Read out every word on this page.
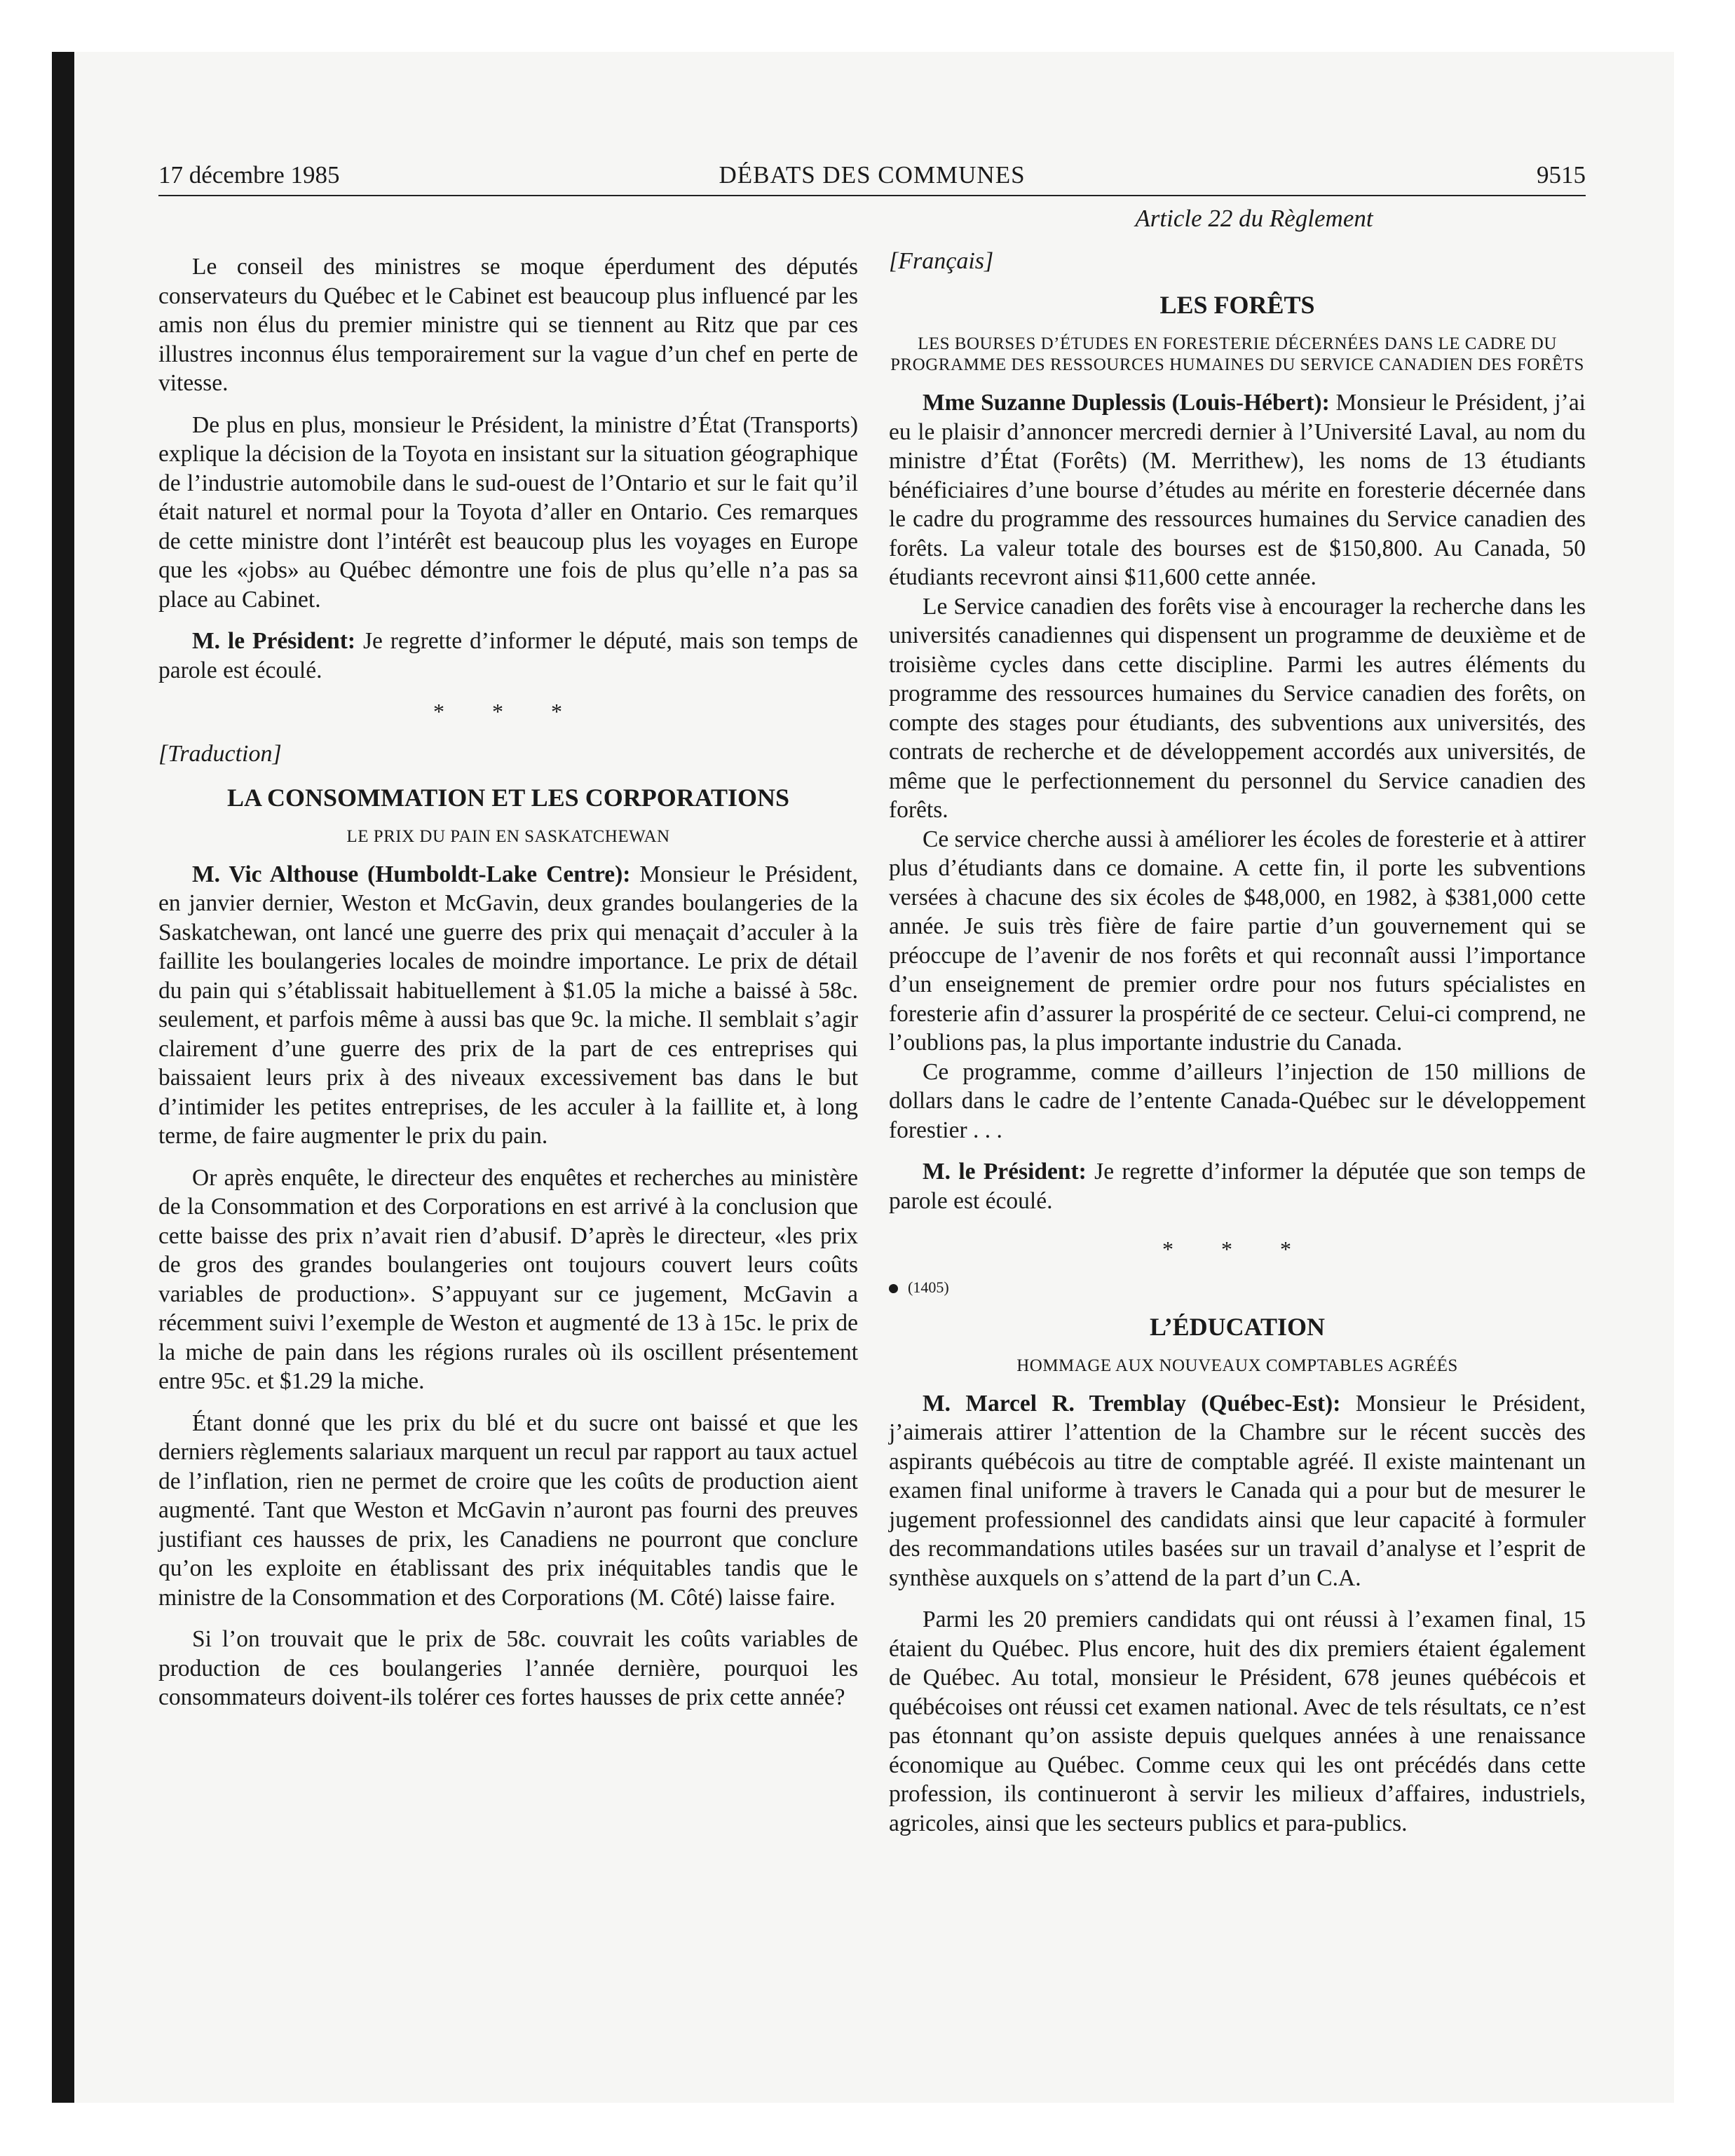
17 décembre 1985	DÉBATS DES COMMUNES	9515

Le conseil des ministres se moque éperdument des députés conservateurs du Québec et le Cabinet est beaucoup plus influencé par les amis non élus du premier ministre qui se tiennent au Ritz que par ces illustres inconnus élus temporairement sur la vague d’un chef en perte de vitesse.

De plus en plus, monsieur le Président, la ministre d’État (Transports) explique la décision de la Toyota en insistant sur la situation géographique de l’industrie automobile dans le sud-ouest de l’Ontario et sur le fait qu’il était naturel et normal pour la Toyota d’aller en Ontario. Ces remarques de cette ministre dont l’intérêt est beaucoup plus les voyages en Europe que les «jobs» au Québec démontre une fois de plus qu’elle n’a pas sa place au Cabinet.

M. le Président: Je regrette d’informer le député, mais son temps de parole est écoulé.

* * *

[Traduction]

LA CONSOMMATION ET LES CORPORATIONS

LE PRIX DU PAIN EN SASKATCHEWAN

M. Vic Althouse (Humboldt-Lake Centre): Monsieur le Président, en janvier dernier, Weston et McGavin, deux grandes boulangeries de la Saskatchewan, ont lancé une guerre des prix qui menaçait d’acculer à la faillite les boulangeries locales de moindre importance. Le prix de détail du pain qui s’établissait habituellement à $1.05 la miche a baissé à 58c. seulement, et parfois même à aussi bas que 9c. la miche. Il semblait s’agir clairement d’une guerre des prix de la part de ces entreprises qui baissaient leurs prix à des niveaux excessivement bas dans le but d’intimider les petites entreprises, de les acculer à la faillite et, à long terme, de faire augmenter le prix du pain.

Or après enquête, le directeur des enquêtes et recherches au ministère de la Consommation et des Corporations en est arrivé à la conclusion que cette baisse des prix n’avait rien d’abusif. D’après le directeur, «les prix de gros des grandes boulangeries ont toujours couvert leurs coûts variables de production». S’appuyant sur ce jugement, McGavin a récemment suivi l’exemple de Weston et augmenté de 13 à 15c. le prix de la miche de pain dans les régions rurales où ils oscillent présentement entre 95c. et $1.29 la miche.

Étant donné que les prix du blé et du sucre ont baissé et que les derniers règlements salariaux marquent un recul par rapport au taux actuel de l’inflation, rien ne permet de croire que les coûts de production aient augmenté. Tant que Weston et McGavin n’auront pas fourni des preuves justifiant ces hausses de prix, les Canadiens ne pourront que conclure qu’on les exploite en établissant des prix inéquitables tandis que le ministre de la Consommation et des Corporations (M. Côté) laisse faire.

Si l’on trouvait que le prix de 58c. couvrait les coûts variables de production de ces boulangeries l’année dernière, pourquoi les consommateurs doivent-ils tolérer ces fortes hausses de prix cette année?

Article 22 du Règlement

[Français]

LES FORÊTS

LES BOURSES D’ÉTUDES EN FORESTERIE DÉCERNÉES DANS LE CADRE DU PROGRAMME DES RESSOURCES HUMAINES DU SERVICE CANADIEN DES FORÊTS

Mme Suzanne Duplessis (Louis-Hébert): Monsieur le Président, j’ai eu le plaisir d’annoncer mercredi dernier à l’Université Laval, au nom du ministre d’État (Forêts) (M. Merrithew), les noms de 13 étudiants bénéficiaires d’une bourse d’études au mérite en foresterie décernée dans le cadre du programme des ressources humaines du Service canadien des forêts. La valeur totale des bourses est de $150,800. Au Canada, 50 étudiants recevront ainsi $11,600 cette année.

Le Service canadien des forêts vise à encourager la recherche dans les universités canadiennes qui dispensent un programme de deuxième et de troisième cycles dans cette discipline. Parmi les autres éléments du programme des ressources humaines du Service canadien des forêts, on compte des stages pour étudiants, des subventions aux universités, des contrats de recherche et de développement accordés aux universités, de même que le perfectionnement du personnel du Service canadien des forêts.

Ce service cherche aussi à améliorer les écoles de foresterie et à attirer plus d’étudiants dans ce domaine. A cette fin, il porte les subventions versées à chacune des six écoles de $48,000, en 1982, à $381,000 cette année. Je suis très fière de faire partie d’un gouvernement qui se préoccupe de l’avenir de nos forêts et qui reconnaît aussi l’importance d’un enseignement de premier ordre pour nos futurs spécialistes en foresterie afin d’assurer la prospérité de ce secteur. Celui-ci comprend, ne l’oublions pas, la plus importante industrie du Canada.

Ce programme, comme d’ailleurs l’injection de 150 millions de dollars dans le cadre de l’entente Canada-Québec sur le développement forestier . . .

M. le Président: Je regrette d’informer la députée que son temps de parole est écoulé.

* * *

(1405)

L’ÉDUCATION

HOMMAGE AUX NOUVEAUX COMPTABLES AGRÉÉS

M. Marcel R. Tremblay (Québec-Est): Monsieur le Président, j’aimerais attirer l’attention de la Chambre sur le récent succès des aspirants québécois au titre de comptable agréé. Il existe maintenant un examen final uniforme à travers le Canada qui a pour but de mesurer le jugement professionnel des candidats ainsi que leur capacité à formuler des recommandations utiles basées sur un travail d’analyse et l’esprit de synthèse auxquels on s’attend de la part d’un C.A.

Parmi les 20 premiers candidats qui ont réussi à l’examen final, 15 étaient du Québec. Plus encore, huit des dix premiers étaient également de Québec. Au total, monsieur le Président, 678 jeunes québécois et québécoises ont réussi cet examen national. Avec de tels résultats, ce n’est pas étonnant qu’on assiste depuis quelques années à une renaissance économique au Québec. Comme ceux qui les ont précédés dans cette profession, ils continueront à servir les milieux d’affaires, industriels, agricoles, ainsi que les secteurs publics et para-publics.
